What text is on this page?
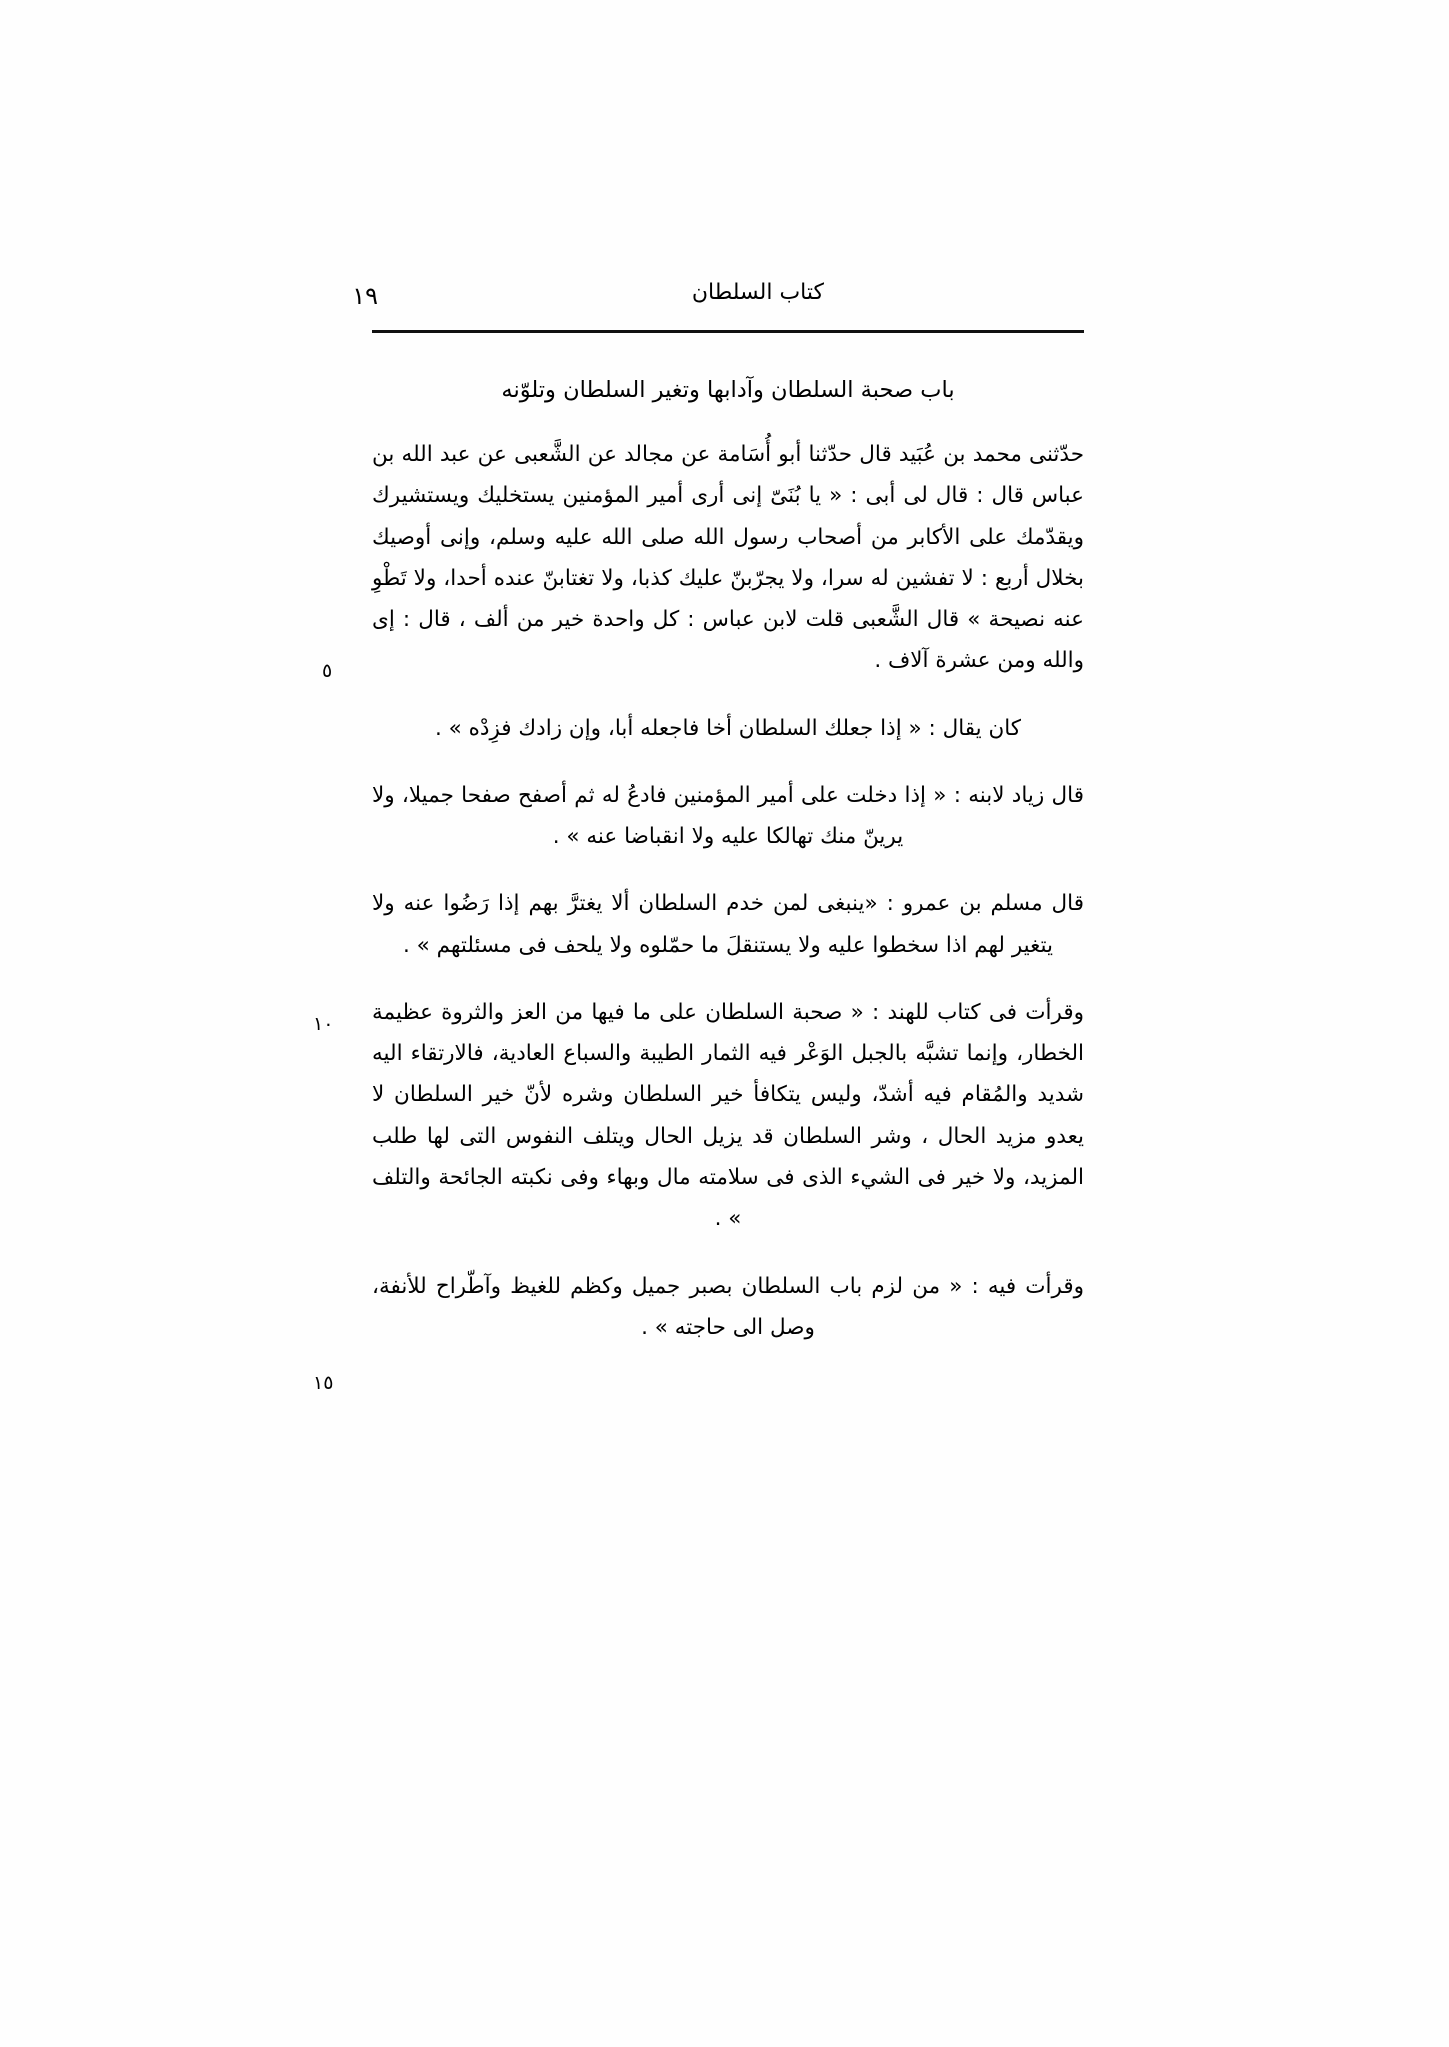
١٩	كتاب السلطان
٥
١٠
١٥
باب صحبة السلطان وآدابها وتغير السلطان وتلوّنه

حدّثنى محمد بن عُبَيد قال حدّثنا أبو أُسَامة عن مجالد عن الشَّعبى عن عبد الله بن عباس قال : قال لى أبى : « يا بُنَىّ إنى أرى أمير المؤمنين يستخليك ويستشيرك ويقدّمك على الأكابر من أصحاب رسول الله صلى الله عليه وسلم، وإنى أوصيك بخلال أربع : لا تفشين له سرا، ولا يجرّبنّ عليك كذبا، ولا تغتابنّ عنده أحدا، ولا تَطْوِ عنه نصيحة » قال الشَّعبى قلت لابن عباس : كل واحدة خير من ألف ، قال : إى والله ومن عشرة آلاف .

كان يقال : « إذا جعلك السلطان أخا فاجعله أبا، وإن زادك فزِدْه » .

قال زياد لابنه : « إذا دخلت على أمير المؤمنين فادعُ له ثم أصفح صفحا جميلا، ولا يرينّ منك تهالكا عليه ولا انقباضا عنه » .

قال مسلم بن عمرو : «ينبغى لمن خدم السلطان ألا يغترَّ بهم إذا رَضُوا عنه ولا يتغير لهم اذا سخطوا عليه ولا يستنقلَ ما حمّلوه ولا يلحف فى مسئلتهم » .

وقرأت فى كتاب للهند : « صحبة السلطان على ما فيها من العز والثروة عظيمة الخطار، وإنما تشبَّه بالجبل الوَعْر فيه الثمار الطيبة والسباع العادية، فالارتقاء اليه شديد والمُقام فيه أشدّ، وليس يتكافأ خير السلطان وشره لأنّ خير السلطان لا يعدو مزيد الحال ، وشر السلطان قد يزيل الحال ويتلف النفوس التى لها طلب المزيد، ولا خير فى الشيء الذى فى سلامته مال وبهاء وفى نكبته الجائحة والتلف » .

وقرأت فيه : « من لزم باب السلطان بصبر جميل وكظم للغيظ وآطّراح للأنفة، وصل الى حاجته » .
